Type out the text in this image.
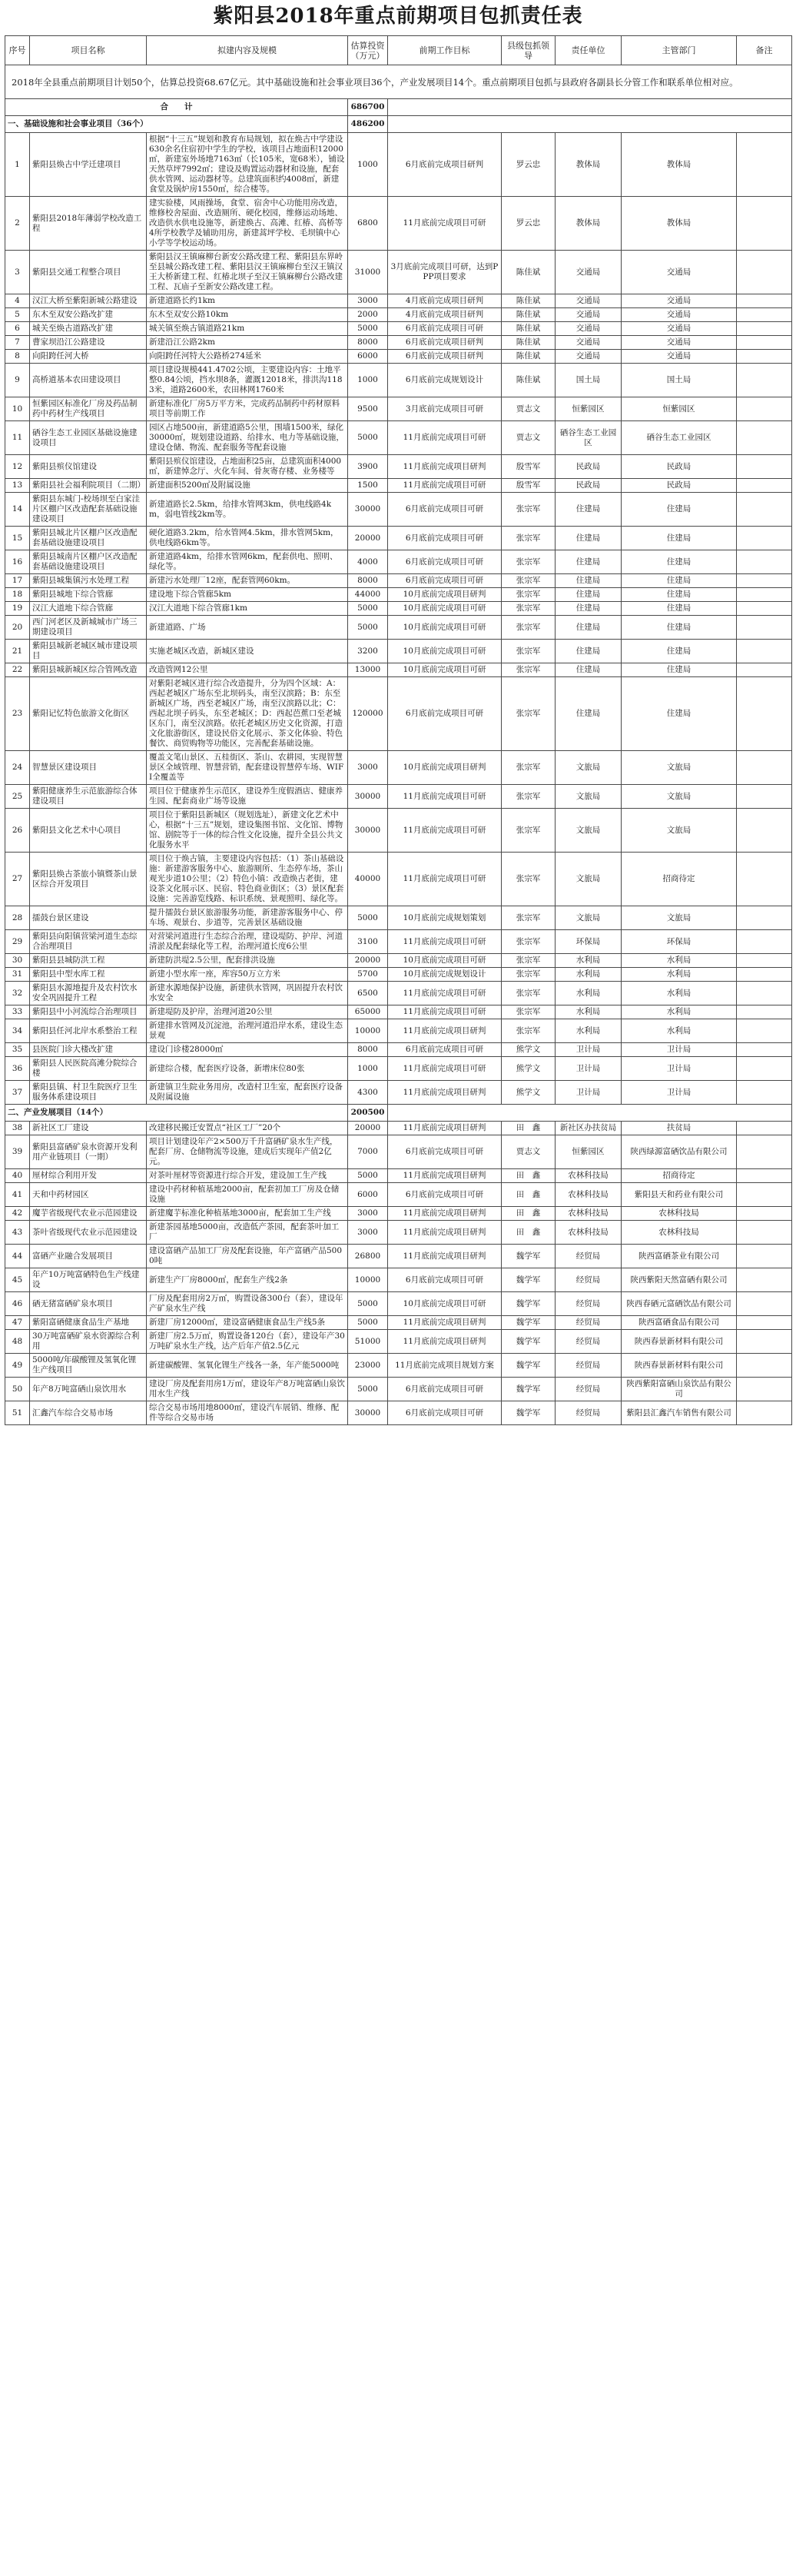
紫阳县2018年重点前期项目包抓责任表
序号	项目名称	拟建内容及规模	估算投资（万元）	前期工作目标	县级包抓领导	责任单位	主管部门	备注
2018年全县重点前期项目计划50个，估算总投资68.67亿元。其中基础设施和社会事业项目36个，产业发展项目14个。重点前期项目包抓与县政府各副县长分管工作和联系单位相对应。								
合　　计			686700					
一、基础设施和社会事业项目（36个）			486200					
1	紫阳县焕古中学迁建项目	根据“十三五”规划和教育布局规划，拟在焕古中学建设630余名住宿初中学生的学校，该项目占地面积12000㎡，新建室外场地7163㎡（长105米，宽68米），铺设天然草坪7992㎡；建设及购置运动器材和设施，配套供水管网、运动器材等。总建筑面积约4008㎡，新建食堂及锅炉房1550㎡，综合楼等。	1000	6月底前完成项目研判	罗云忠	教体局	教体局	
2	紫阳县2018年薄弱学校改造工程	建实验楼，风雨操场，食堂、宿舍中心功能用房改造，维修校舍屋面、改造厕所、硬化校园，维修运动场地、改造供水供电设施等，新建焕古、高滩、红椿、高桥等4所学校教学及辅助用房，新建蒿坪学校、毛坝镇中心小学等学校运动场。	6800	11月底前完成项目可研	罗云忠	教体局	教体局	
3	紫阳县交通工程整合项目	紫阳县汉王镇麻柳台新安公路改建工程、紫阳县东界岭至县城公路改建工程、紫阳县汉王镇麻柳台至汉王镇汉王大桥新建工程、红椿北坝子至汉王镇麻柳台公路改建工程、瓦庙子至新安公路改建工程。	31000	3月底前完成项目可研，达到PPP项目要求	陈佳斌	交通局	交通局	
4	汉江大桥至紫阳新城公路建设	新建道路长约1km	3000	4月底前完成项目研判	陈佳斌	交通局	交通局	
5	东木至双安公路改扩建	东木至双安公路10km	2000	4月底前完成项目研判	陈佳斌	交通局	交通局	
6	城关至焕古道路改扩建	城关镇至焕古镇道路21km	5000	6月底前完成项目可研	陈佳斌	交通局	交通局	
7	曹家坝沿江公路建设	新建沿江公路2km	8000	6月底前完成项目研判	陈佳斌	交通局	交通局	
8	向阳跨任河大桥	向阳跨任河特大公路桥274延米	6000	6月底前完成项目研判	陈佳斌	交通局	交通局	
9	高桥道基本农田建设项目	项目建设规模441.4702公顷，主要建设内容：土地平整0.84公顷，挡水坝8条，灌溉12018米，排洪沟1183米，道路2600米，农田林网1760米	1000	6月底前完成规划设计	陈佳斌	国土局	国土局	
10	恒紫园区标准化厂房及药品制药中药材生产线项目	新建标准化厂房5万平方米，完成药品制药中药材原料项目等前期工作	9500	3月底前完成项目可研	贾志文	恒紫园区	恒紫园区	
11	硒谷生态工业园区基础设施建设项目	园区占地500亩，新建道路5公里，围墙1500米，绿化30000㎡，规划建设道路、给排水、电力等基础设施，建设仓储、物流、配套服务等配套设施	5000	11月底前完成项目可研	贾志文	硒谷生态工业园区	硒谷生态工业园区	
12	紫阳县殡仪馆建设	紫阳县殡仪馆建设，占地面积25亩，总建筑面积4000㎡，新建悼念厅、火化车间、骨灰寄存楼、业务楼等	3900	11月底前完成项目研判	殷雪军	民政局	民政局	
13	紫阳县社会福利院项目（二期）	新建面积5200㎡及附属设施	1500	11月底前完成项目可研	殷雪军	民政局	民政局	
14	紫阳县东城门-校场坝至白家洼片区棚户区改造配套基础设施建设项目	新建道路长2.5km，给排水管网3km，供电线路4km，弱电管线2km等。	30000	6月底前完成项目可研	张宗军	住建局	住建局	
15	紫阳县城北片区棚户区改造配套基础设施建设项目	硬化道路3.2km，给水管网4.5km，排水管网5km，供电线路6km等。	20000	6月底前完成项目可研	张宗军	住建局	住建局	
16	紫阳县城南片区棚户区改造配套基础设施建设项目	新建道路4km，给排水管网6km，配套供电、照明、绿化等。	4000	6月底前完成项目可研	张宗军	住建局	住建局	
17	紫阳县城集镇污水处理工程	新建污水处理厂12座，配套管网60km。	8000	6月底前完成项目可研	张宗军	住建局	住建局	
18	紫阳县城地下综合管廊	建设地下综合管廊5km	44000	10月底前完成项目研判	张宗军	住建局	住建局	
19	汉江大道地下综合管廊	汉江大道地下综合管廊1km	5000	10月底前完成项目可研	张宗军	住建局	住建局	
20	西门河老区及新城城市广场三期建设项目	新建道路、广场	5000	10月底前完成项目可研	张宗军	住建局	住建局	
21	紫阳县城新老城区城市建设项目	实施老城区改造，新城区建设	3200	10月底前完成项目可研	张宗军	住建局	住建局	
22	紫阳县城新城区综合管网改造	改造管网12公里	13000	10月底前完成项目可研	张宗军	住建局	住建局	
23	紫阳记忆特色旅游文化街区	对紫阳老城区进行综合改造提升，分为四个区域：A：西起老城区广场东至北坝码头，南至汉滨路；B：东至新城区广场，西至老城区广场，南至汉滨路以北；C：西起北坝子码头，东至老城区；D：西起芭蕉口至老城区东门，南至汉滨路。依托老城区历史文化资源，打造文化旅游街区，建设民俗文化展示、茶文化体验、特色餐饮、商贸购物等功能区，完善配套基础设施。	120000	6月底前完成项目可研	张宗军	住建局	住建局	
24	智慧景区建设项目	覆盖文笔山景区、五桂街区、茶山、农耕园，实现智慧景区全域管理、智慧营销，配套建设智慧停车场、WIFI全覆盖等	3000	10月底前完成项目研判	张宗军	文旅局	文旅局	
25	紫阳健康养生示范旅游综合体建设项目	项目位于健康养生示范区，建设养生度假酒店、健康养生园、配套商业广场等设施	30000	11月底前完成项目可研	张宗军	文旅局	文旅局	
26	紫阳县文化艺术中心项目	项目位于紫阳县新城区（规划选址），新建文化艺术中心，根据“十三五”规划，建设集图书馆、文化馆、博物馆、剧院等于一体的综合性文化设施，提升全县公共文化服务水平	30000	11月底前完成项目可研	张宗军	文旅局	文旅局	
27	紫阳县焕古茶旅小镇暨茶山景区综合开发项目	项目位于焕古镇，主要建设内容包括：（1）茶山基础设施：新建游客服务中心、旅游厕所、生态停车场，茶山观光步道10公里；（2）特色小镇：改造焕古老街，建设茶文化展示区、民宿、特色商业街区；（3）景区配套设施：完善游览线路、标识系统、景观照明、绿化等。	40000	11月底前完成项目可研	张宗军	文旅局	招商待定	
28	擂鼓台景区建设	提升擂鼓台景区旅游服务功能，新建游客服务中心、停车场、观景台、步道等，完善景区基础设施	5000	10月底前完成规划策划	张宗军	文旅局	文旅局	
29	紫阳县向阳镇营梁河道生态综合治理项目	对营梁河道进行生态综合治理，建设堤防、护岸、河道清淤及配套绿化等工程，治理河道长度6公里	3100	11月底前完成项目可研	张宗军	环保局	环保局	
30	紫阳县县城防洪工程	新建防洪堤2.5公里，配套排洪设施	20000	10月底前完成项目可研	张宗军	水利局	水利局	
31	紫阳县中型水库工程	新建小型水库一座，库容50万立方米	5700	10月底前完成规划设计	张宗军	水利局	水利局	
32	紫阳县水源地提升及农村饮水安全巩固提升工程	新建水源地保护设施，新建供水管网，巩固提升农村饮水安全	6500	11月底前完成项目可研	张宗军	水利局	水利局	
33	紫阳县中小河流综合治理项目	新建堤防及护岸，治理河道20公里	65000	11月底前完成项目可研	张宗军	水利局	水利局	
34	紫阳县任河北岸水系整治工程	新建排水管网及沉淀池，治理河道沿岸水系，建设生态景观	10000	11月底前完成项目研判	张宗军	水利局	水利局	
35	县医院门诊大楼改扩建	建设门诊楼28000㎡	8000	6月底前完成项目可研	熊学文	卫计局	卫计局	
36	紫阳县人民医院高滩分院综合楼	新建综合楼，配套医疗设备，新增床位80张	1000	11月底前完成项目可研	熊学文	卫计局	卫计局	
37	紫阳县镇、村卫生院医疗卫生服务体系建设项目	新建镇卫生院业务用房，改造村卫生室，配套医疗设备及附属设施	4300	11月底前完成项目研判	熊学文	卫计局	卫计局	
二、产业发展项目（14个）			200500					
38	新社区工厂建设	改建移民搬迁安置点“社区工厂”20个	20000	11月底前完成项目研判	田　鑫	新社区办扶贫局	扶贫局	
39	紫阳县富硒矿泉水资源开发利用产业链项目（一期）	项目计划建设年产2×500万千升富硒矿泉水生产线，配套厂房、仓储物流等设施，建成后实现年产值2亿元。	7000	6月底前完成项目可研	贾志文	恒紫园区	陕西绿源富硒饮品有限公司	
40	厘材综合利用开发	对茶叶厘材等资源进行综合开发，建设加工生产线	5000	11月底前完成项目研判	田　鑫	农林科技局	招商待定	
41	天和中药材园区	建设中药材种植基地2000亩，配套初加工厂房及仓储设施	6000	6月底前完成项目可研	田　鑫	农林科技局	紫阳县天和药业有限公司	
42	魔芋省级现代农业示范园建设	新建魔芋标准化种植基地3000亩，配套加工生产线	3000	11月底前完成项目研判	田　鑫	农林科技局	农林科技局	
43	茶叶省级现代农业示范园建设	新建茶园基地5000亩，改造低产茶园，配套茶叶加工厂	3000	11月底前完成项目研判	田　鑫	农林科技局	农林科技局	
44	富硒产业融合发展项目	建设富硒产品加工厂房及配套设施，年产富硒产品5000吨	26800	11月底前完成项目研判	魏学军	经贸局	陕西富硒茶业有限公司	
45	年产10万吨富硒特色生产线建设	新建生产厂房8000㎡，配套生产线2条	10000	6月底前完成项目可研	魏学军	经贸局	陕西紫阳天然富硒有限公司	
46	硒无猪富硒矿泉水项目	厂房及配套用房2万㎡，购置设备300台（套），建设年产矿泉水生产线	5000	10月底前完成项目可研	魏学军	经贸局	陕西春硒元富硒饮品有限公司	
47	紫阳富硒健康食品生产基地	新建厂房12000㎡，建设富硒健康食品生产线5条	5000	11月底前完成项目研判	魏学军	经贸局	陕西富硒食品有限公司	
48	30万吨富硒矿泉水资源综合利用	新建厂房2.5万㎡，购置设备120台（套），建设年产30万吨矿泉水生产线，达产后年产值2.5亿元	51000	11月底前完成项目研判	魏学军	经贸局	陕西春景新材料有限公司	
49	5000吨/年碳酸锂及氢氧化锂生产线项目	新建碳酸锂、氢氧化锂生产线各一条，年产能5000吨	23000	11月底前完成项目规划方案	魏学军	经贸局	陕西春景新材料有限公司	
50	年产8万吨富硒山泉饮用水	建设厂房及配套用房1万㎡，建设年产8万吨富硒山泉饮用水生产线	5000	6月底前完成项目可研	魏学军	经贸局	陕西紫阳富硒山泉饮品有限公司	
51	汇鑫汽车综合交易市场	综合交易市场用地8000㎡，建设汽车展销、维修、配件等综合交易市场	30000	6月底前完成项目可研	魏学军	经贸局	紫阳县汇鑫汽车销售有限公司	
